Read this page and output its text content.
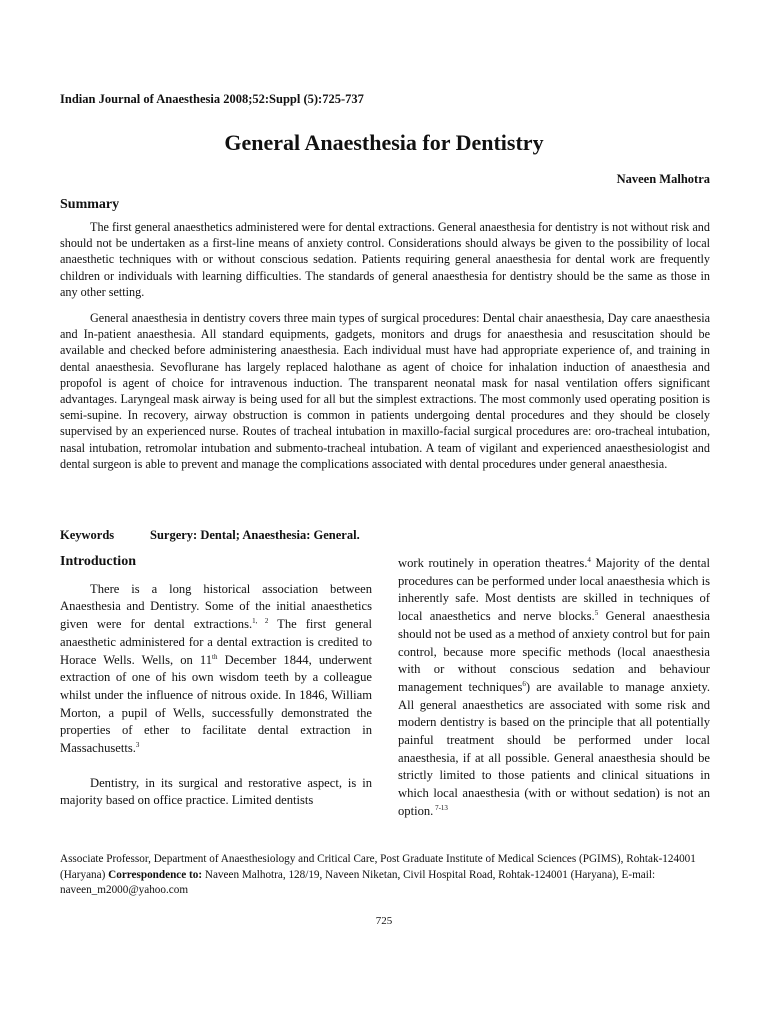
Indian Journal of Anaesthesia 2008;52:Suppl (5):725-737
General Anaesthesia for Dentistry
Naveen Malhotra
Summary

The first general anaesthetics administered were for dental extractions. General anaesthesia for dentistry is not without risk and should not be undertaken as a first-line means of anxiety control. Considerations should always be given to the possibility of local anaesthetic techniques with or without conscious sedation. Patients requiring general anaesthesia for dental work are frequently children or individuals with learning difficulties. The standards of general anaesthesia for dentistry should be the same as those in any other setting.

General anaesthesia in dentistry covers three main types of surgical procedures: Dental chair anaesthesia, Day care anaesthesia and In-patient anaesthesia. All standard equipments, gadgets, monitors and drugs for anaesthesia and resuscitation should be available and checked before administering anaesthesia. Each individual must have had appropriate experience of, and training in dental anaesthesia. Sevoflurane has largely replaced halothane as agent of choice for inhalation induction of anaesthesia and propofol is agent of choice for intravenous induction. The transparent neonatal mask for nasal ventilation offers significant advantages. Laryngeal mask airway is being used for all but the simplest extractions. The most commonly used operating position is semi-supine. In recovery, airway obstruction is common in patients undergoing dental procedures and they should be closely supervised by an experienced nurse. Routes of tracheal intubation in maxillo-facial surgical procedures are: oro-tracheal intubation, nasal intubation, retromolar intubation and submento-tracheal intubation. A team of vigilant and experienced anaesthesiologist and dental surgeon is able to prevent and manage the complications associated with dental procedures under general anaesthesia.

Keywords	Surgery: Dental; Anaesthesia: General.
Introduction

There is a long historical association between Anaesthesia and Dentistry. Some of the initial anaesthetics given were for dental extractions.$^{1, 2}$ The first general anaesthetic administered for a dental extraction is credited to Horace Wells. Wells, on 11th December 1844, underwent extraction of one of his own wisdom teeth by a colleague whilst under the influence of nitrous oxide. In 1846, William Morton, a pupil of Wells, successfully demonstrated the properties of ether to facilitate dental extraction in Massachusetts.$^3$

Dentistry, in its surgical and restorative aspect, is in majority based on office practice. Limited dentists

work routinely in operation theatres.$^4$ Majority of the dental procedures can be performed under local anaesthesia which is inherently safe. Most dentists are skilled in techniques of local anaesthetics and nerve blocks.$^5$ General anaesthesia should not be used as a method of anxiety control but for pain control, because more specific methods (local anaesthesia with or without conscious sedation and behaviour management techniques$^6$) are available to manage anxiety. All general anaesthetics are associated with some risk and modern dentistry is based on the principle that all potentially painful treatment should be performed under local anaesthesia, if at all possible. General anaesthesia should be strictly limited to those patients and clinical situations in which local anaesthesia (with or without sedation) is not an option. $^{7-13}$

Associate Professor, Department of Anaesthesiology and Critical Care, Post Graduate Institute of Medical Sciences (PGIMS), Rohtak-124001 (Haryana) Correspondence to: Naveen Malhotra, 128/19, Naveen Niketan, Civil Hospital Road, Rohtak-124001 (Haryana), E-mail: naveen_m2000@yahoo.com
725
